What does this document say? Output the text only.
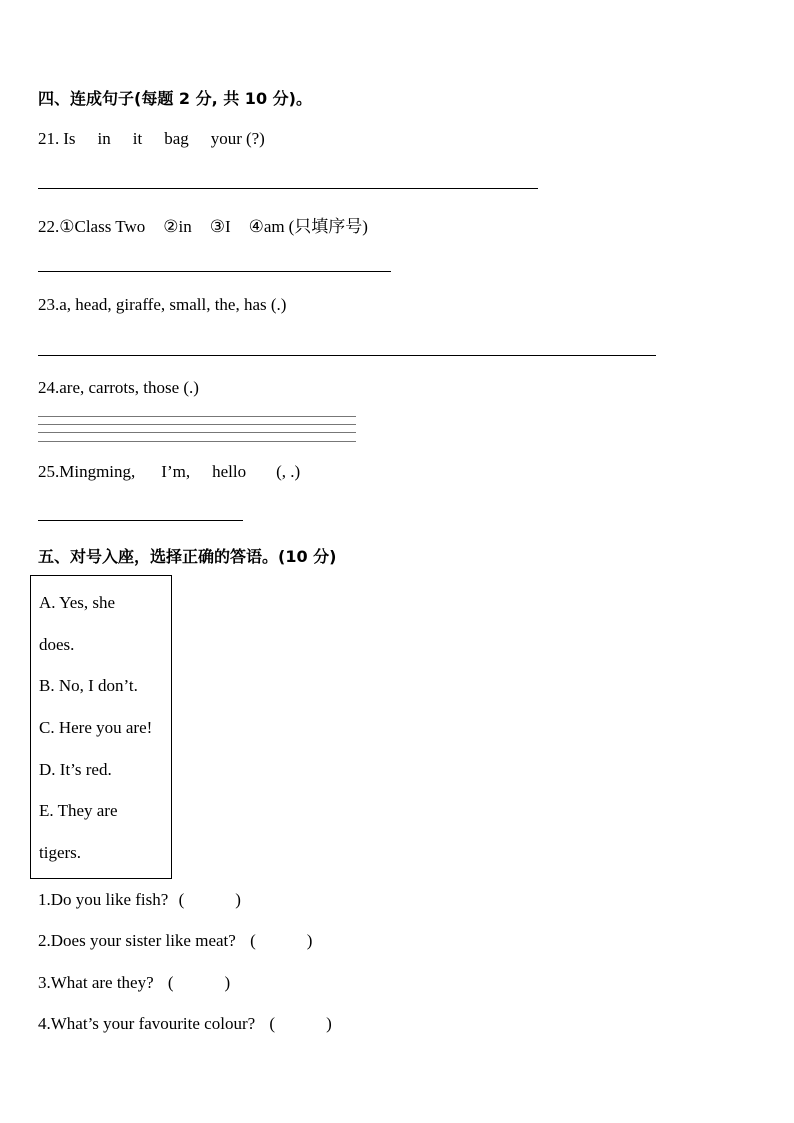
四、连成句子(每题 2 分, 共 10 分)。
21. Is in it bag your (?)
22.①Class Two ②in ③I ④am (只填序号)
23.a, head, giraffe, small, the, has (.)
24.are, carrots, those (.)
25.Mingming, I’m, hello (, .)
五、对号入座，选择正确的答语。(10 分)
A. Yes, she
does.
B. No, I don’t.
C. Here you are!
D. It’s red.
E. They are
tigers.
1.Do you like fish? (            )
2.Does your sister like meat? (            )
3.What are they? (            )
4.What’s your favourite colour? (            )
